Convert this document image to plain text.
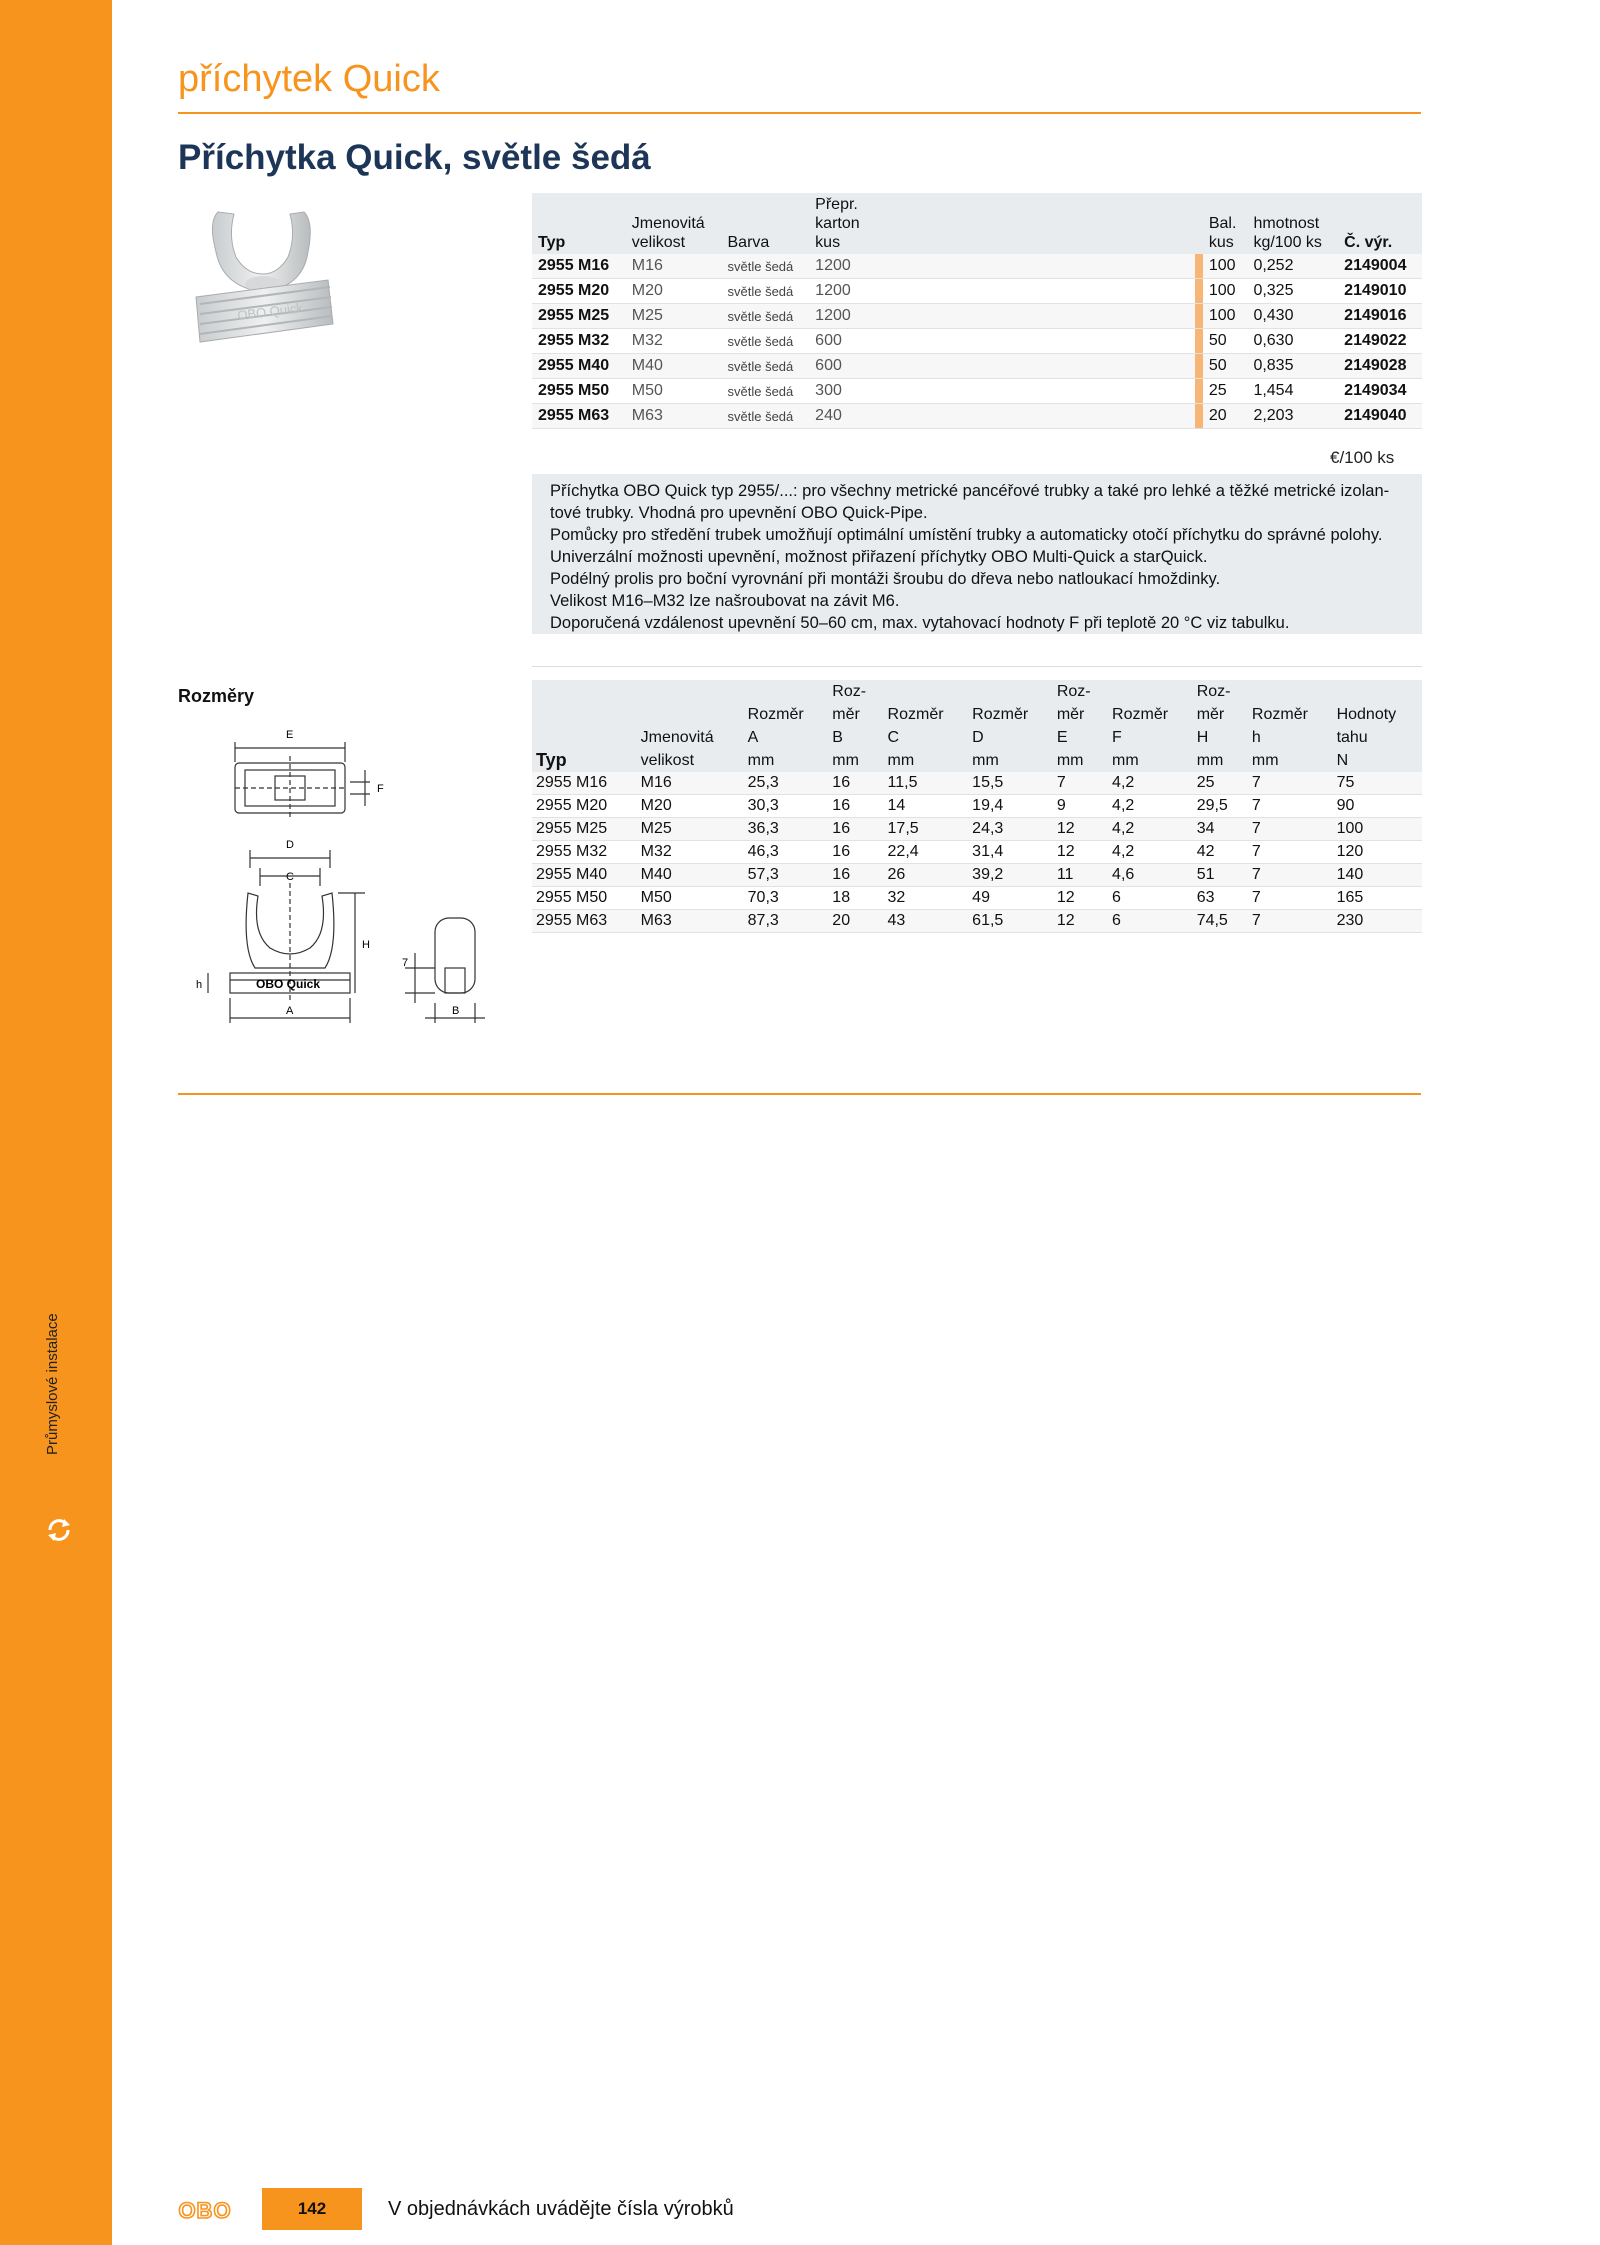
Průmyslové instalace
příchytek Quick
Příchytka Quick, světle šedá
OBO Quick
Typ	Jmenovitá
velikost	Barva	Přepr.
karton
kus			Bal.
kus	hmotnost
kg/100 ks	Č. výr.
2955 M16	M16	světle šedá	1200			100	0,252	2149004
2955 M20	M20	světle šedá	1200			100	0,325	2149010
2955 M25	M25	světle šedá	1200			100	0,430	2149016
2955 M32	M32	světle šedá	600			50	0,630	2149022
2955 M40	M40	světle šedá	600			50	0,835	2149028
2955 M50	M50	světle šedá	300			25	1,454	2149034
2955 M63	M63	světle šedá	240			20	2,203	2149040
€/100 ks

Příchytka OBO Quick typ 2955/...: pro všechny metrické pancéřové trubky a také pro lehké a těžké metrické izolan-

tové trubky. Vhodná pro upevnění OBO Quick-Pipe.

Pomůcky pro středění trubek umožňují optimální umístění trubky a automaticky otočí příchytku do správné polohy.

Univerzální možnosti upevnění, možnost přiřazení příchytky OBO Multi-Quick a starQuick.

Podélný prolis pro boční vyrovnání při montáži šroubu do dřeva nebo natloukací hmoždinky.

Velikost M16–M32 lze našroubovat na závit M6.

Doporučená vzdálenost upevnění 50–60 cm, max. vytahovací hodnoty F při teplotě 20 °C viz tabulku.

Rozměry
E
F
D
C
H
7
h
A	B
OBO Quick
			Roz-			Roz-		Roz-		
		Rozměr	měr	Rozměr	Rozměr	měr	Rozměr	měr	Rozměr	Hodnoty
	Jmenovitá	A	B	C	D	E	F	H	h	tahu
Typ	velikost	mm	mm	mm	mm	mm	mm	mm	mm	N
2955 M16	M16	25,3	16	11,5	15,5	7	4,2	25	7	75
2955 M20	M20	30,3	16	14	19,4	9	4,2	29,5	7	90
2955 M25	M25	36,3	16	17,5	24,3	12	4,2	34	7	100
2955 M32	M32	46,3	16	22,4	31,4	12	4,2	42	7	120
2955 M40	M40	57,3	16	26	39,2	11	4,6	51	7	140
2955 M50	M50	70,3	18	32	49	12	6	63	7	165
2955 M63	M63	87,3	20	43	61,5	12	6	74,5	7	230
OBO	142	V objednávkách uvádějte čísla výrobků
